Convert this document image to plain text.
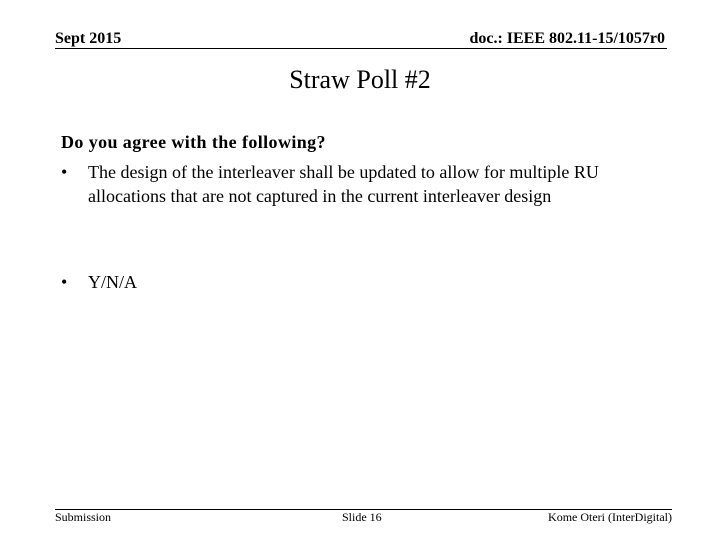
Sept 2015	doc.: IEEE 802.11-15/1057r0
Straw Poll #2
Do you agree with the following?
•	The design of the interleaver shall be updated to allow for multiple RU allocations that are not captured in the current interleaver design
•	Y/N/A
Submission	Slide 16	Kome Oteri (InterDigital)
